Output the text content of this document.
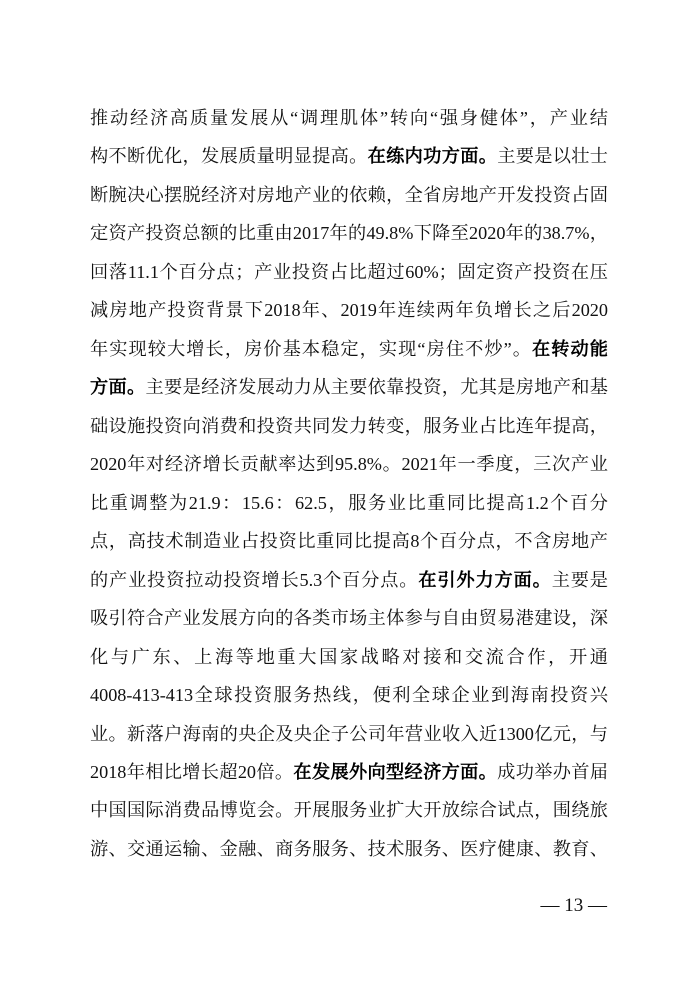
推动经济高质量发展从“调理肌体”转向“强身健体”，产业结
构不断优化，发展质量明显提高。在练内功方面。主要是以壮士
断腕决心摆脱经济对房地产业的依赖，全省房地产开发投资占固
定资产投资总额的比重由2017年的49.8%下降至2020年的38.7%，
回落11.1个百分点；产业投资占比超过60%；固定资产投资在压
减房地产投资背景下2018年、2019年连续两年负增长之后2020
年实现较大增长，房价基本稳定，实现“房住不炒”。在转动能
方面。主要是经济发展动力从主要依靠投资，尤其是房地产和基
础设施投资向消费和投资共同发力转变，服务业占比连年提高，
2020年对经济增长贡献率达到95.8%。2021年一季度，三次产业
比重调整为21.9：15.6：62.5，服务业比重同比提高1.2个百分
点，高技术制造业占投资比重同比提高8个百分点，不含房地产
的产业投资拉动投资增长5.3个百分点。在引外力方面。主要是
吸引符合产业发展方向的各类市场主体参与自由贸易港建设，深
化与广东、上海等地重大国家战略对接和交流合作，开通
4008-413-413全球投资服务热线，便利全球企业到海南投资兴
业。新落户海南的央企及央企子公司年营业收入近1300亿元，与
2018年相比增长超20倍。在发展外向型经济方面。成功举办首届
中国国际消费品博览会。开展服务业扩大开放综合试点，围绕旅
游、交通运输、金融、商务服务、技术服务、医疗健康、教育、
— 13 —
